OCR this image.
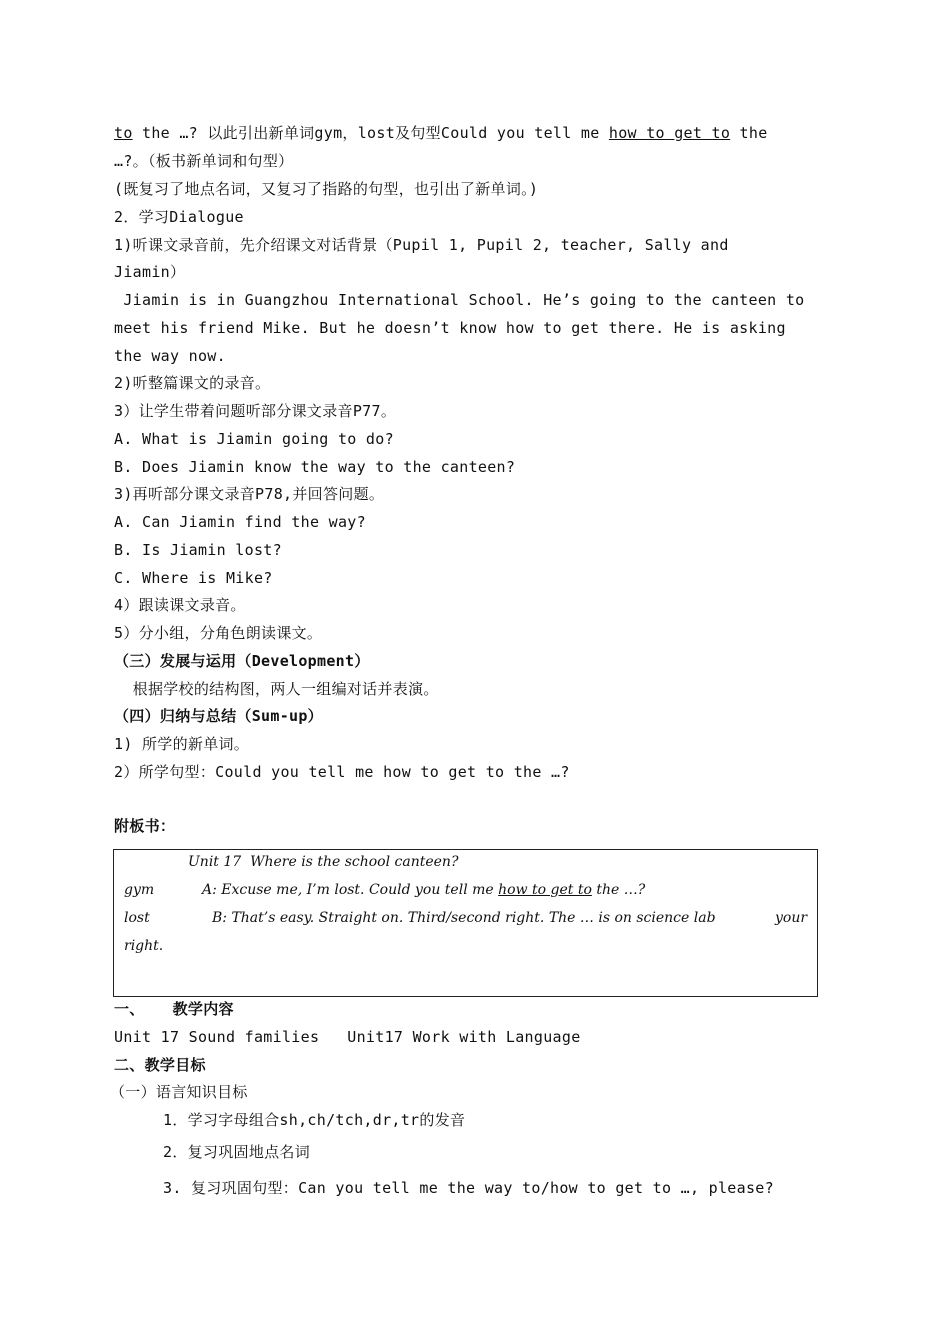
to the …? 以此引出新单词gym，lost及句型Could you tell me how to get to the
…?。（板书新单词和句型）
(既复习了地点名词，又复习了指路的句型，也引出了新单词。)
2．学习Dialogue
1)听课文录音前，先介绍课文对话背景（Pupil 1, Pupil 2, teacher, Sally and
Jiamin）
Jiamin is in Guangzhou International School. He’s going to the canteen to
meet his friend Mike. But he doesn’t know how to get there. He is asking
the way now.
2)听整篇课文的录音。
3）让学生带着问题听部分课文录音P77。
A. What is Jiamin going to do?
B. Does Jiamin know the way to the canteen?
3)再听部分课文录音P78,并回答问题。
A. Can Jiamin find the way?
B. Is Jiamin lost?
C. Where is Mike?
4）跟读课文录音。
5）分小组，分角色朗读课文。
（三）发展与运用（Development）
根据学校的结构图，两人一组编对话并表演。
（四）归纳与总结（Sum-up）
1) 所学的新单词。
2）所学句型：Could you tell me how to get to the …?
附板书：
Unit 17  Where is the school canteen?
gym	A: Excuse me, I’m lost. Could you tell me how to get to the …?
lost	B: That’s easy. Straight on. Third/second right. The … is on science lab	your
right.
一、   教学内容
Unit 17 Sound families   Unit17 Work with Language
二、教学目标
（一）语言知识目标
1．学习字母组合sh,ch/tch,dr,tr的发音
2．复习巩固地点名词
3. 复习巩固句型：Can you tell me the way to/how to get to …, please?
